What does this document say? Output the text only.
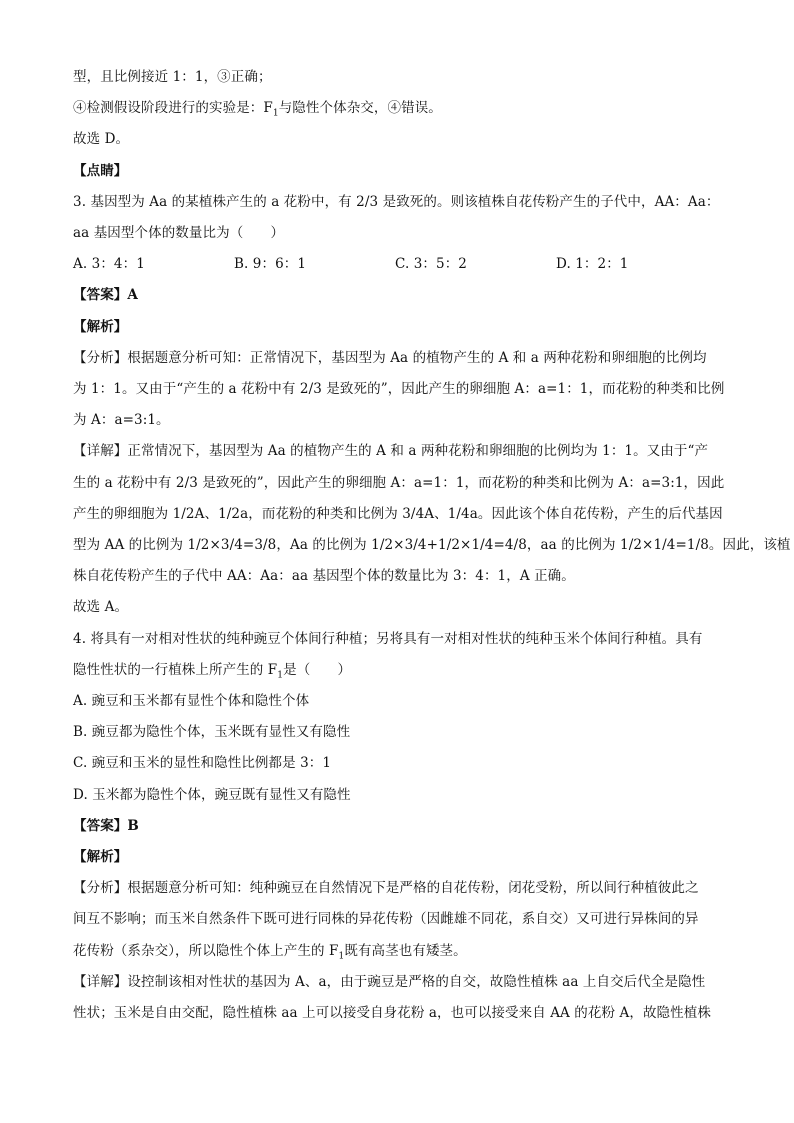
型，且比例接近 1：1，③正确；
④检测假设阶段进行的实验是：$F_1$与隐性个体杂交，④错误。
故选 D。
【点睛】
3. 基因型为 Aa 的某植株产生的 a 花粉中，有 2/3 是致死的。则该植株自花传粉产生的子代中，AA：Aa：
aa 基因型个体的数量比为（　　）
A. 3：4：1	B. 9：6：1	C. 3：5：2	D. 1：2：1
【答案】A
【解析】
【分析】根据题意分析可知：正常情况下，基因型为 Aa 的植物产生的 A 和 a 两种花粉和卵细胞的比例均
为 1：1。又由于“产生的 a 花粉中有 2/3 是致死的”，因此产生的卵细胞 A：a=1：1，而花粉的种类和比例
为 A：a=3:1。
【详解】正常情况下，基因型为 Aa 的植物产生的 A 和 a 两种花粉和卵细胞的比例均为 1：1。又由于“产
生的 a 花粉中有 2/3 是致死的”，因此产生的卵细胞 A：a=1：1，而花粉的种类和比例为 A：a=3:1，因此
产生的卵细胞为 1/2A、1/2a，而花粉的种类和比例为 3/4A、1/4a。因此该个体自花传粉，产生的后代基因
型为 AA 的比例为 1/2×3/4=3/8，Aa 的比例为 1/2×3/4+1/2×1/4=4/8，aa 的比例为 1/2×1/4=1/8。因此，该植
株自花传粉产生的子代中 AA：Aa：aa 基因型个体的数量比为 3：4：1，A 正确。
故选 A。
4. 将具有一对相对性状的纯种豌豆个体间行种植；另将具有一对相对性状的纯种玉米个体间行种植。具有
隐性性状的一行植株上所产生的 $F_1$是（　　）
A. 豌豆和玉米都有显性个体和隐性个体
B. 豌豆都为隐性个体，玉米既有显性又有隐性
C. 豌豆和玉米的显性和隐性比例都是 3：1
D. 玉米都为隐性个体，豌豆既有显性又有隐性
【答案】B
【解析】
【分析】根据题意分析可知：纯种豌豆在自然情况下是严格的自花传粉，闭花受粉，所以间行种植彼此之
间互不影响；而玉米自然条件下既可进行同株的异花传粉（因雌雄不同花，系自交）又可进行异株间的异
花传粉（系杂交），所以隐性个体上产生的 $F_1$既有高茎也有矮茎。
【详解】设控制该相对性状的基因为 A、a，由于豌豆是严格的自交，故隐性植株 aa 上自交后代全是隐性
性状；玉米是自由交配，隐性植株 aa 上可以接受自身花粉 a，也可以接受来自 AA 的花粉 A，故隐性植株
